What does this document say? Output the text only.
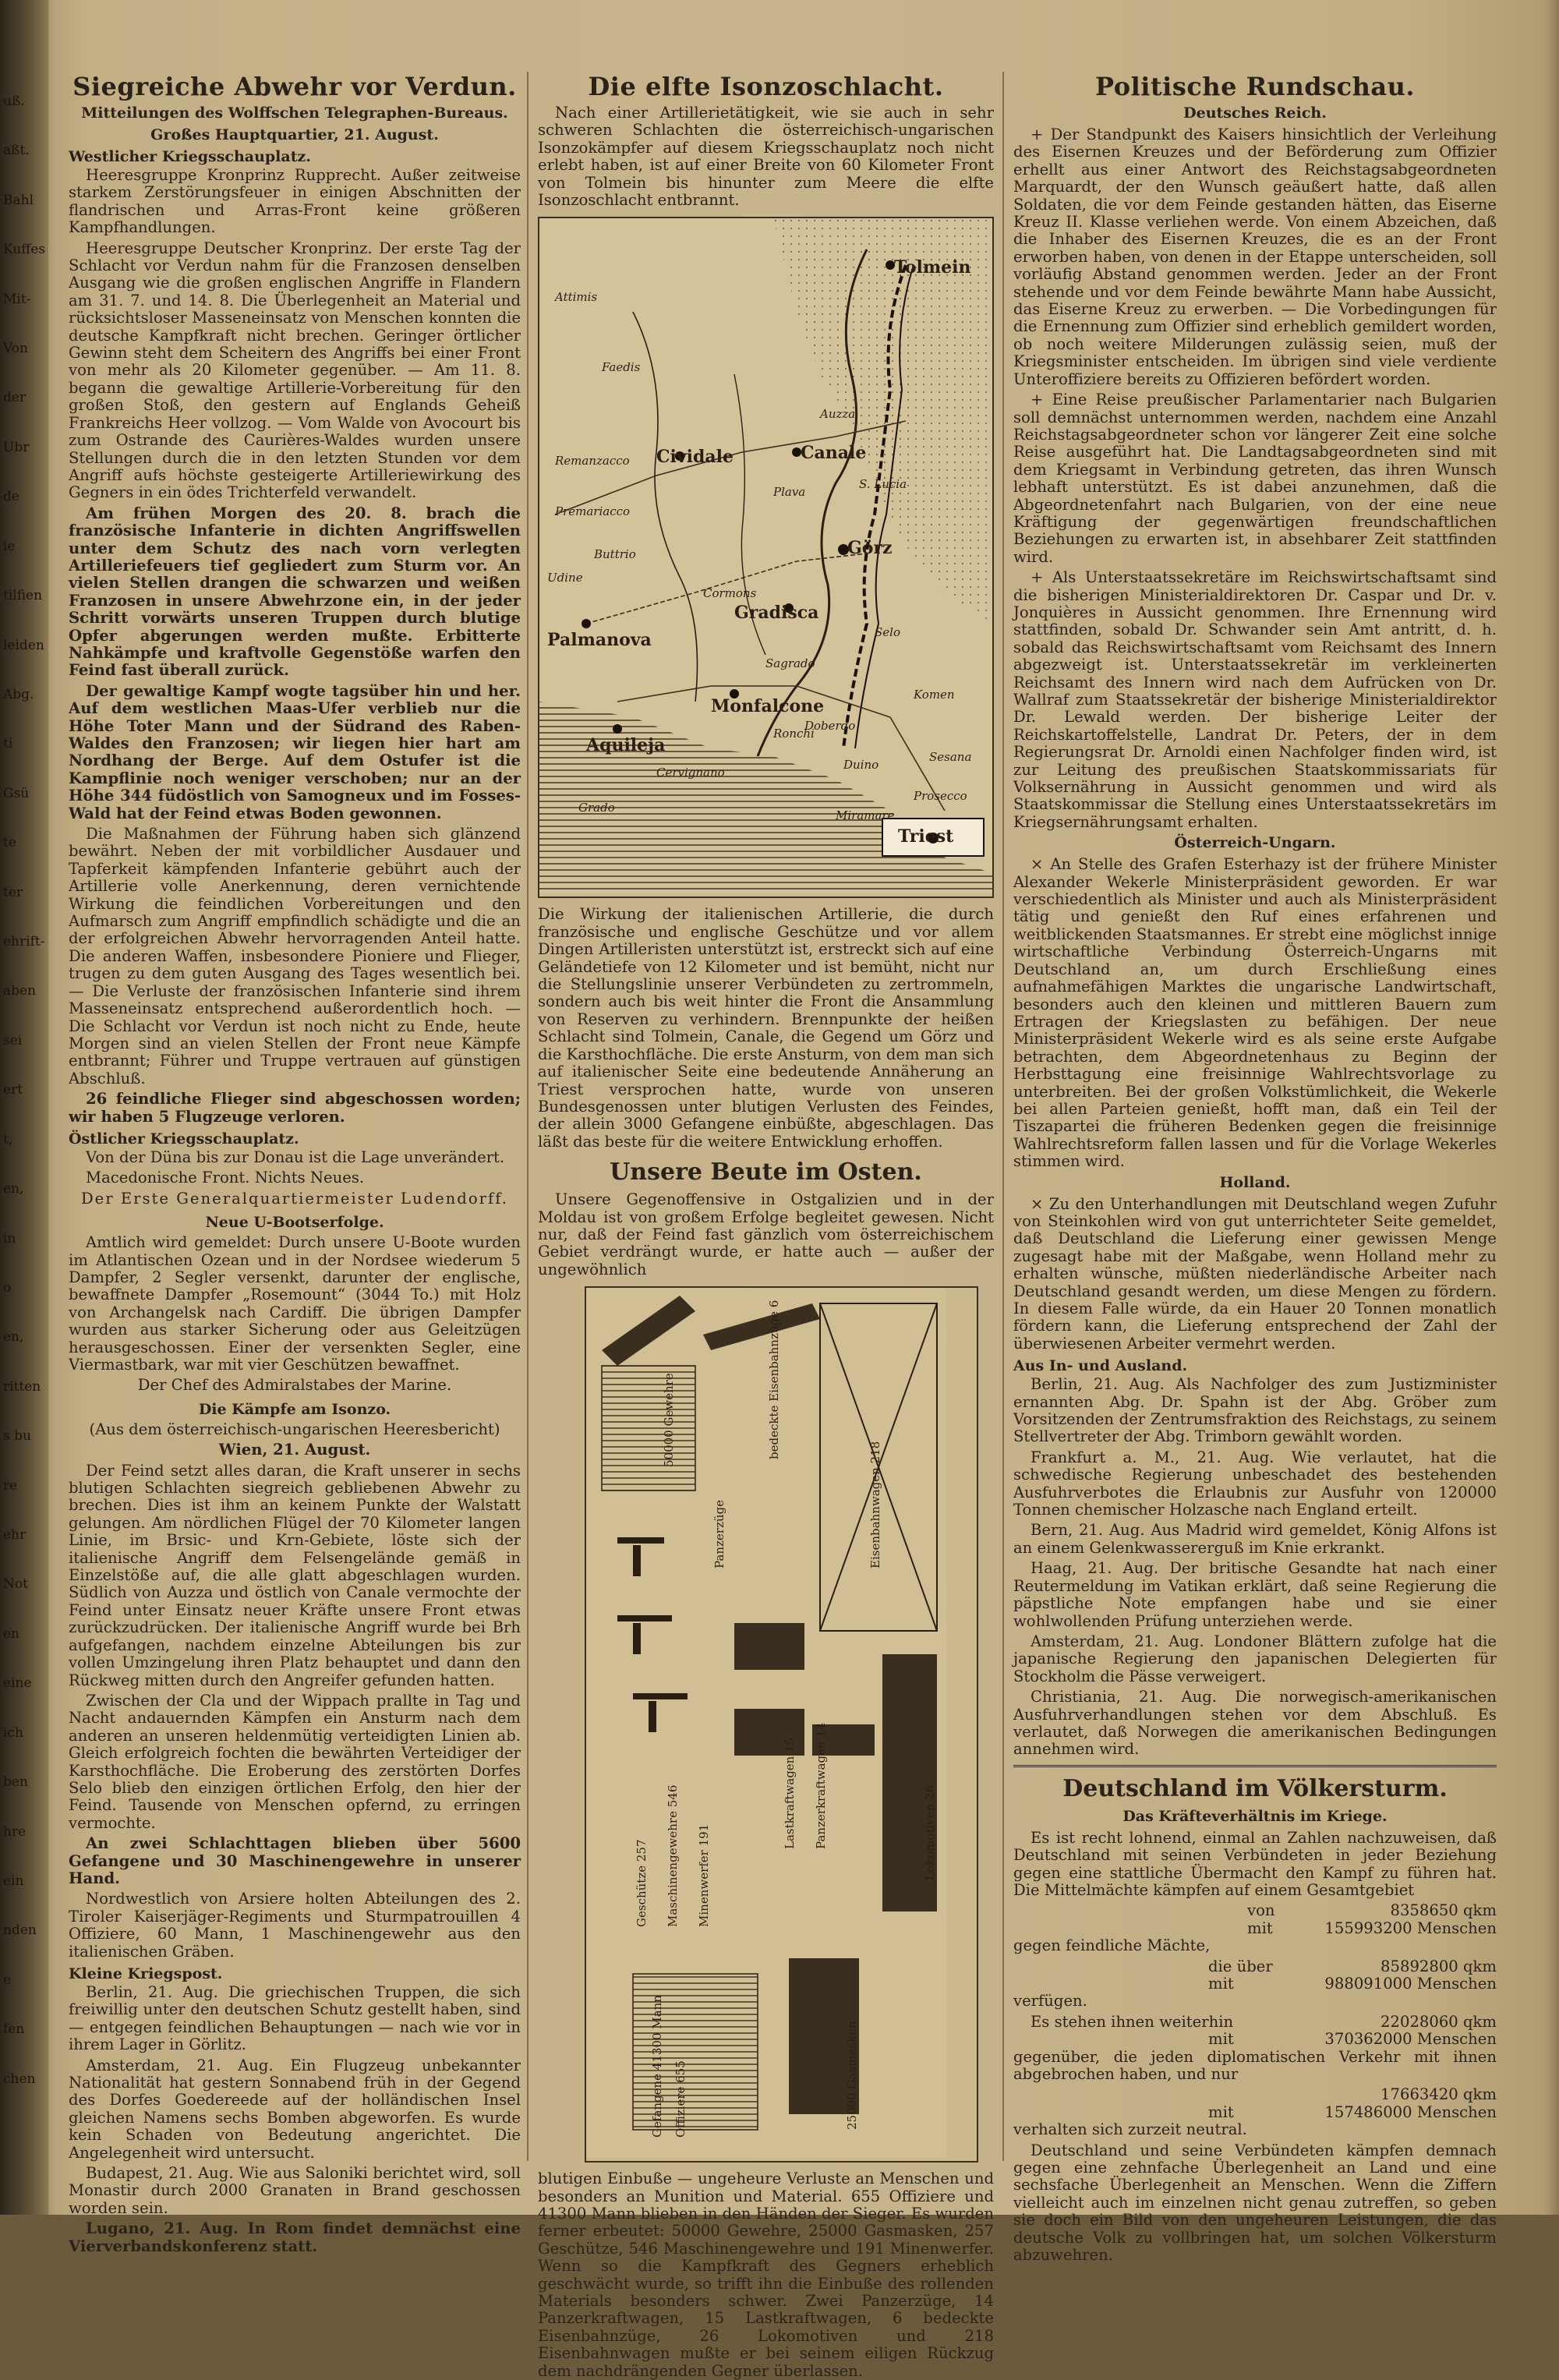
uß.
aßt.
Bahl
Kuffes
Mit-
Von
der
Ubr
de
ie
tilfien
leiden
Abg.
ti
Gsü
te
ter
ehrift-
aben
sei
ert
t,
en,
in
o
en,
ritten
s bu
re
ehr
Not
en
eine
ich
ben
hre
ein
nden
e
fen
chen
Siegreiche Abwehr vor Verdun.
Mitteilungen des Wolffschen Telegraphen-Bureaus.
Großes Hauptquartier, 21. August.
Westlicher Kriegsschauplatz.

Heeresgruppe Kronprinz Rupprecht. Außer zeitweise starkem Zerstörungsfeuer in einigen Abschnitten der flandrischen und Arras-Front keine größeren Kampfhandlungen.

Heeresgruppe Deutscher Kronprinz. Der erste Tag der Schlacht vor Verdun nahm für die Franzosen denselben Ausgang wie die großen englischen Angriffe in Flandern am 31. 7. und 14. 8. Die Überlegenheit an Material und rücksichtsloser Masseneinsatz von Menschen konnten die deutsche Kampfkraft nicht brechen. Geringer örtlicher Gewinn steht dem Scheitern des Angriffs bei einer Front von mehr als 20 Kilometer gegenüber. — Am 11. 8. begann die gewaltige Artillerie-Vorbereitung für den großen Stoß, den gestern auf Englands Geheiß Frankreichs Heer vollzog. — Vom Walde von Avocourt bis zum Ostrande des Caurières-Waldes wurden unsere Stellungen durch die in den letzten Stunden vor dem Angriff aufs höchste gesteigerte Artilleriewirkung des Gegners in ein ödes Trichterfeld verwandelt.

Am frühen Morgen des 20. 8. brach die französische Infanterie in dichten Angriffswellen unter dem Schutz des nach vorn verlegten Artilleriefeuers tief gegliedert zum Sturm vor. An vielen Stellen drangen die schwarzen und weißen Franzosen in unsere Abwehrzone ein, in der jeder Schritt vorwärts unseren Truppen durch blutige Opfer abgerungen werden mußte. Erbitterte Nahkämpfe und kraftvolle Gegenstöße warfen den Feind fast überall zurück.

Der gewaltige Kampf wogte tagsüber hin und her. Auf dem westlichen Maas-Ufer verblieb nur die Höhe Toter Mann und der Südrand des Raben-Waldes den Franzosen; wir liegen hier hart am Nordhang der Berge. Auf dem Ostufer ist die Kampflinie noch weniger verschoben; nur an der Höhe 344 füdöstlich von Samogneux und im Fosses-Wald hat der Feind etwas Boden gewonnen.

Die Maßnahmen der Führung haben sich glänzend bewährt. Neben der mit vorbildlicher Ausdauer und Tapferkeit kämpfenden Infanterie gebührt auch der Artillerie volle Anerkennung, deren vernichtende Wirkung die feindlichen Vorbereitungen und den Aufmarsch zum Angriff empfindlich schädigte und die an der erfolgreichen Abwehr hervorragenden Anteil hatte. Die anderen Waffen, insbesondere Pioniere und Flieger, trugen zu dem guten Ausgang des Tages wesentlich bei. — Die Verluste der französischen Infanterie sind ihrem Masseneinsatz entsprechend außerordentlich hoch. — Die Schlacht vor Verdun ist noch nicht zu Ende, heute Morgen sind an vielen Stellen der Front neue Kämpfe entbrannt; Führer und Truppe vertrauen auf günstigen Abschluß.

26 feindliche Flieger sind abgeschossen worden; wir haben 5 Flugzeuge verloren.

Östlicher Kriegsschauplatz.

Von der Düna bis zur Donau ist die Lage unverändert.

Macedonische Front. Nichts Neues.

Der Erste Generalquartiermeister Ludendorff.

Neue U-Bootserfolge.

Amtlich wird gemeldet: Durch unsere U-Boote wurden im Atlantischen Ozean und in der Nordsee wiederum 5 Dampfer, 2 Segler versenkt, darunter der englische, bewaffnete Dampfer „Rosemount“ (3044 To.) mit Holz von Archangelsk nach Cardiff. Die übrigen Dampfer wurden aus starker Sicherung oder aus Geleitzügen herausgeschossen. Einer der versenkten Segler, eine Viermastbark, war mit vier Geschützen bewaffnet.

Der Chef des Admiralstabes der Marine.

Die Kämpfe am Isonzo.

(Aus dem österreichisch-ungarischen Heeresbericht)

Wien, 21. August.

Der Feind setzt alles daran, die Kraft unserer in sechs blutigen Schlachten siegreich gebliebenen Abwehr zu brechen. Dies ist ihm an keinem Punkte der Walstatt gelungen. Am nördlichen Flügel der 70 Kilometer langen Linie, im Brsic- und Krn-Gebiete, löste sich der italienische Angriff dem Felsengelände gemäß in Einzelstöße auf, die alle glatt abgeschlagen wurden. Südlich von Auzza und östlich von Canale vermochte der Feind unter Einsatz neuer Kräfte unsere Front etwas zurückzudrücken. Der italienische Angriff wurde bei Brh aufgefangen, nachdem einzelne Abteilungen bis zur vollen Umzingelung ihren Platz behauptet und dann den Rückweg mitten durch den Angreifer gefunden hatten.

Zwischen der Cla und der Wippach prallte in Tag und Nacht andauernden Kämpfen ein Ansturm nach dem anderen an unseren heldenmütig verteidigten Linien ab. Gleich erfolgreich fochten die bewährten Verteidiger der Karsthochfläche. Die Eroberung des zerstörten Dorfes Selo blieb den einzigen örtlichen Erfolg, den hier der Feind. Tausende von Menschen opfernd, zu erringen vermochte.

An zwei Schlachttagen blieben über 5600 Gefangene und 30 Maschinengewehre in unserer Hand.

Nordwestlich von Arsiere holten Abteilungen des 2. Tiroler Kaiserjäger-Regiments und Sturmpatrouillen 4 Offiziere, 60 Mann, 1 Maschinengewehr aus den italienischen Gräben.

Kleine Kriegspost.

Berlin, 21. Aug. Die griechischen Truppen, die sich freiwillig unter den deutschen Schutz gestellt haben, sind — entgegen feindlichen Behauptungen — nach wie vor in ihrem Lager in Görlitz.

Amsterdam, 21. Aug. Ein Flugzeug unbekannter Nationalität hat gestern Sonnabend früh in der Gegend des Dorfes Goedereede auf der holländischen Insel gleichen Namens sechs Bomben abgeworfen. Es wurde kein Schaden von Bedeutung angerichtet. Die Angelegenheit wird untersucht.

Budapest, 21. Aug. Wie aus Saloniki berichtet wird, soll Monastir durch 2000 Granaten in Brand geschossen worden sein.

Lugano, 21. Aug. In Rom findet demnächst eine Vierverbandskonferenz statt.

Die elfte Isonzoschlacht.

Nach einer Artillerietätigkeit, wie sie auch in sehr schweren Schlachten die österreichisch-ungarischen Isonzokämpfer auf diesem Kriegsschauplatz noch nicht erlebt haben, ist auf einer Breite von 60 Kilometer Front von Tolmein bis hinunter zum Meere die elfte Isonzoschlacht entbrannt.

Tolmein
Cividale	Canale
Görz
Palmanova
Gradisca
Monfalcone
Aquileja
Triest
Attimis
Faedis
Remanzacco
Premariacco
Buttrio
Udine
Auzza
Plava
Cormons
Sagrado
Doberdo
Duino
Miramare
Grado
S. Lucia
Selo
Komen
Ronchi
Cervignano
Prosecco
Sesana

Die Wirkung der italienischen Artillerie, die durch französische und englische Geschütze und vor allem Dingen Artilleristen unterstützt ist, erstreckt sich auf eine Geländetiefe von 12 Kilometer und ist bemüht, nicht nur die Stellungslinie unserer Verbündeten zu zertrommeln, sondern auch bis weit hinter die Front die Ansammlung von Reserven zu verhindern. Brennpunkte der heißen Schlacht sind Tolmein, Canale, die Gegend um Görz und die Karsthochfläche. Die erste Ansturm, von dem man sich auf italienischer Seite eine bedeutende Annäherung an Triest versprochen hatte, wurde von unseren Bundesgenossen unter blutigen Verlusten des Feindes, der allein 3000 Gefangene einbüßte, abgeschlagen. Das läßt das beste für die weitere Entwicklung erhoffen.

Unsere Beute im Osten.

Unsere Gegenoffensive in Ostgalizien und in der Moldau ist von großem Erfolge begleitet gewesen. Nicht nur, daß der Feind fast gänzlich vom österreichischem Gebiet verdrängt wurde, er hatte auch — außer der ungewöhnlich

50000 Gewehre
Geschütze 257 Maschinengewehre 546 Minenwerfer 191
Panzerzüge
Lastkraftwagen 15 Panzerkraftwagen 14	Lokomotiven 26
Eisenbahnwagen 218
Gefangene 41300 Mann Offiziere 655	25000 Gasmasken
bedeckte Eisenbahnzüge 6

blutigen Einbuße — ungeheure Verluste an Menschen und besonders an Munition und Material. 655 Offiziere und 41300 Mann blieben in den Händen der Sieger. Es wurden ferner erbeutet: 50000 Gewehre, 25000 Gasmasken, 257 Geschütze, 546 Maschinengewehre und 191 Minenwerfer. Wenn so die Kampfkraft des Gegners erheblich geschwächt wurde, so trifft ihn die Einbuße des rollenden Materials besonders schwer. Zwei Panzerzüge, 14 Panzerkraftwagen, 15 Lastkraftwagen, 6 bedeckte Eisenbahnzüge, 26 Lokomotiven und 218 Eisenbahnwagen mußte er bei seinem eiligen Rückzug dem nachdrängenden Gegner überlassen.

Politische Rundschau.
Deutsches Reich.

+ Der Standpunkt des Kaisers hinsichtlich der Verleihung des Eisernen Kreuzes und der Beförderung zum Offizier erhellt aus einer Antwort des Reichstagsabgeordneten Marquardt, der den Wunsch geäußert hatte, daß allen Soldaten, die vor dem Feinde gestanden hätten, das Eiserne Kreuz II. Klasse verliehen werde. Von einem Abzeichen, daß die Inhaber des Eisernen Kreuzes, die es an der Front erworben haben, von denen in der Etappe unterscheiden, soll vorläufig Abstand genommen werden. Jeder an der Front stehende und vor dem Feinde bewährte Mann habe Aussicht, das Eiserne Kreuz zu erwerben. — Die Vorbedingungen für die Ernennung zum Offizier sind erheblich gemildert worden, ob noch weitere Milderungen zulässig seien, muß der Kriegsminister entscheiden. Im übrigen sind viele verdiente Unteroffiziere bereits zu Offizieren befördert worden.

+ Eine Reise preußischer Parlamentarier nach Bulgarien soll demnächst unternommen werden, nachdem eine Anzahl Reichstagsabgeordneter schon vor längerer Zeit eine solche Reise ausgeführt hat. Die Landtagsabgeordneten sind mit dem Kriegsamt in Verbindung getreten, das ihren Wunsch lebhaft unterstützt. Es ist dabei anzunehmen, daß die Abgeordnetenfahrt nach Bulgarien, von der eine neue Kräftigung der gegenwärtigen freundschaftlichen Beziehungen zu erwarten ist, in absehbarer Zeit stattfinden wird.

+ Als Unterstaatssekretäre im Reichswirtschaftsamt sind die bisherigen Ministerialdirektoren Dr. Caspar und Dr. v. Jonquières in Aussicht genommen. Ihre Ernennung wird stattfinden, sobald Dr. Schwander sein Amt antritt, d. h. sobald das Reichswirtschaftsamt vom Reichsamt des Innern abgezweigt ist. Unterstaatssekretär im verkleinerten Reichsamt des Innern wird nach dem Aufrücken von Dr. Wallraf zum Staatssekretär der bisherige Ministerialdirektor Dr. Lewald werden. Der bisherige Leiter der Reichskartoffelstelle, Landrat Dr. Peters, der in dem Regierungsrat Dr. Arnoldi einen Nachfolger finden wird, ist zur Leitung des preußischen Staatskommissariats für Volksernährung in Aussicht genommen und wird als Staatskommissar die Stellung eines Unterstaatssekretärs im Kriegsernährungsamt erhalten.

Österreich-Ungarn.

× An Stelle des Grafen Esterhazy ist der frühere Minister Alexander Wekerle Ministerpräsident geworden. Er war verschiedentlich als Minister und auch als Ministerpräsident tätig und genießt den Ruf eines erfahrenen und weitblickenden Staatsmannes. Er strebt eine möglichst innige wirtschaftliche Verbindung Österreich-Ungarns mit Deutschland an, um durch Erschließung eines aufnahmefähigen Marktes die ungarische Landwirtschaft, besonders auch den kleinen und mittleren Bauern zum Ertragen der Kriegslasten zu befähigen. Der neue Ministerpräsident Wekerle wird es als seine erste Aufgabe betrachten, dem Abgeordnetenhaus zu Beginn der Herbsttagung eine freisinnige Wahlrechtsvorlage zu unterbreiten. Bei der großen Volkstümlichkeit, die Wekerle bei allen Parteien genießt, hofft man, daß ein Teil der Tiszapartei die früheren Bedenken gegen die freisinnige Wahlrechtsreform fallen lassen und für die Vorlage Wekerles stimmen wird.

Holland.

× Zu den Unterhandlungen mit Deutschland wegen Zufuhr von Steinkohlen wird von gut unterrichteter Seite gemeldet, daß Deutschland die Lieferung einer gewissen Menge zugesagt habe mit der Maßgabe, wenn Holland mehr zu erhalten wünsche, müßten niederländische Arbeiter nach Deutschland gesandt werden, um diese Mengen zu fördern. In diesem Falle würde, da ein Hauer 20 Tonnen monatlich fördern kann, die Lieferung entsprechend der Zahl der überwiesenen Arbeiter vermehrt werden.

Aus In- und Ausland.

Berlin, 21. Aug. Als Nachfolger des zum Justizminister ernannten Abg. Dr. Spahn ist der Abg. Gröber zum Vorsitzenden der Zentrumsfraktion des Reichstags, zu seinem Stellvertreter der Abg. Trimborn gewählt worden.

Frankfurt a. M., 21. Aug. Wie verlautet, hat die schwedische Regierung unbeschadet des bestehenden Ausfuhrverbotes die Erlaubnis zur Ausfuhr von 120000 Tonnen chemischer Holzasche nach England erteilt.

Bern, 21. Aug. Aus Madrid wird gemeldet, König Alfons ist an einem Gelenkwassererguß im Knie erkrankt.

Haag, 21. Aug. Der britische Gesandte hat nach einer Reutermeldung im Vatikan erklärt, daß seine Regierung die päpstliche Note empfangen habe und sie einer wohlwollenden Prüfung unterziehen werde.

Amsterdam, 21. Aug. Londoner Blättern zufolge hat die japanische Regierung den japanischen Delegierten für Stockholm die Pässe verweigert.

Christiania, 21. Aug. Die norwegisch-amerikanischen Ausfuhrverhandlungen stehen vor dem Abschluß. Es verlautet, daß Norwegen die amerikanischen Bedingungen annehmen wird.

Deutschland im Völkersturm.
Das Kräfteverhältnis im Kriege.

Es ist recht lohnend, einmal an Zahlen nachzuweisen, daß Deutschland mit seinen Verbündeten in jeder Beziehung gegen eine stattliche Übermacht den Kampf zu führen hat. Die Mittelmächte kämpfen auf einem Gesamtgebiet

von	8358650 qkm
mit	155993200 Menschen

gegen feindliche Mächte,

die über	85892800 qkm
mit	988091000 Menschen

verfügen.

Es stehen ihnen weiterhin	22028060 qkm
mit	370362000 Menschen

gegenüber, die jeden diplomatischen Verkehr mit ihnen abgebrochen haben, und nur

17663420 qkm
mit	157486000 Menschen

verhalten sich zurzeit neutral.

Deutschland und seine Verbündeten kämpfen demnach gegen eine zehnfache Überlegenheit an Land und eine sechsfache Überlegenheit an Menschen. Wenn die Ziffern vielleicht auch im einzelnen nicht genau zutreffen, so geben sie doch ein Bild von den ungeheuren Leistungen, die das deutsche Volk zu vollbringen hat, um solchen Völkersturm abzuwehren.
